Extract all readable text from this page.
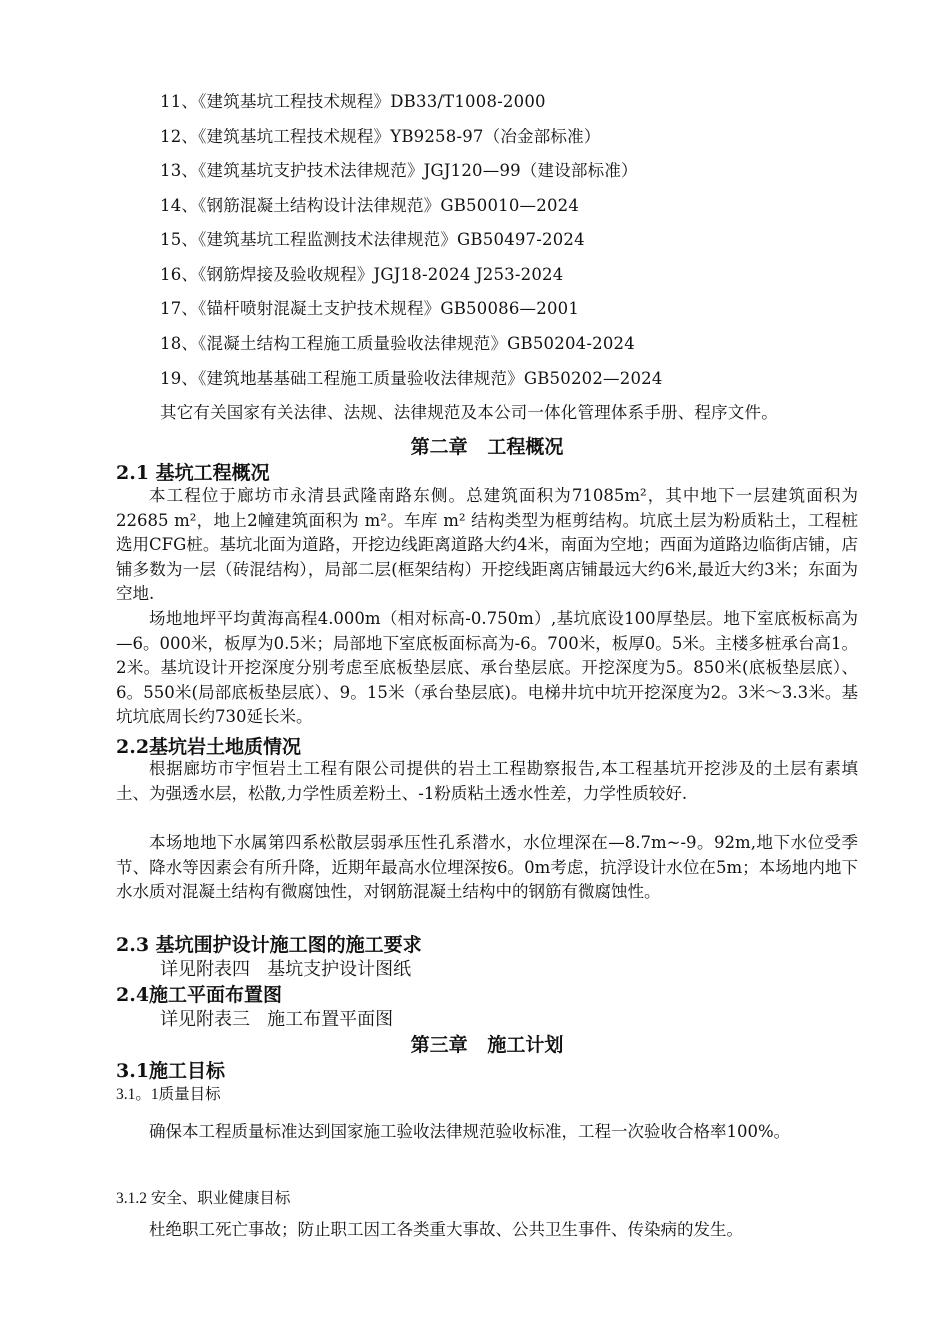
11、《建筑基坑工程技术规程》DB33/T1008-2000
12、《建筑基坑工程技术规程》YB9258-97（冶金部标准）
13、《建筑基坑支护技术法律规范》JGJ120—99（建设部标准）
14、《钢筋混凝土结构设计法律规范》GB50010—2024
15、《建筑基坑工程监测技术法律规范》GB50497-2024
16、《钢筋焊接及验收规程》JGJ18-2024 J253-2024
17、《锚杆喷射混凝土支护技术规程》GB50086—2001
18、《混凝土结构工程施工质量验收法律规范》GB50204-2024
19、《建筑地基基础工程施工质量验收法律规范》GB50202—2024
其它有关国家有关法律、法规、法律规范及本公司一体化管理体系手册、程序文件。
第二章   工程概况
2.1 基坑工程概况
本工程位于廊坊市永清县武隆南路东侧。总建筑面积为71085m²，其中地下一层建筑面积为22685 m²，地上2幢建筑面积为 m²。车库 m² 结构类型为框剪结构。坑底土层为粉质粘土，工程桩选用CFG桩。基坑北面为道路，开挖边线距离道路大约4米，南面为空地；西面为道路边临街店铺，店铺多数为一层（砖混结构），局部二层(框架结构）开挖线距离店铺最远大约6米,最近大约3米；东面为空地.
场地地坪平均黄海高程4.000m（相对标高-0.750m）,基坑底设100厚垫层。地下室底板标高为—6。000米，板厚为0.5米；局部地下室底板面标高为-6。700米，板厚0。5米。主楼多桩承台高1。2米。基坑设计开挖深度分别考虑至底板垫层底、承台垫层底。开挖深度为5。850米(底板垫层底）、6。550米(局部底板垫层底）、9。15米（承台垫层底)。电梯井坑中坑开挖深度为2。3米～3.3米。基坑坑底周长约730延长米。
2.2基坑岩土地质情况
根据廊坊市宇恒岩土工程有限公司提供的岩土工程勘察报告,本工程基坑开挖涉及的土层有素填土、为强透水层，松散,力学性质差粉土、-1粉质粘土透水性差，力学性质较好.
本场地地下水属第四系松散层弱承压性孔系潜水，水位埋深在—8.7m~-9。92m,地下水位受季节、降水等因素会有所升降，近期年最高水位埋深按6。0m考虑，抗浮设计水位在5m；本场地内地下水水质对混凝土结构有微腐蚀性，对钢筋混凝土结构中的钢筋有微腐蚀性。
2.3 基坑围护设计施工图的施工要求
详见附表四   基坑支护设计图纸
2.4施工平面布置图
详见附表三   施工布置平面图
第三章   施工计划
3.1施工目标
3.1。1质量目标
确保本工程质量标准达到国家施工验收法律规范验收标准，工程一次验收合格率100%。
3.1.2 安全、职业健康目标
杜绝职工死亡事故；防止职工因工各类重大事故、公共卫生事件、传染病的发生。
